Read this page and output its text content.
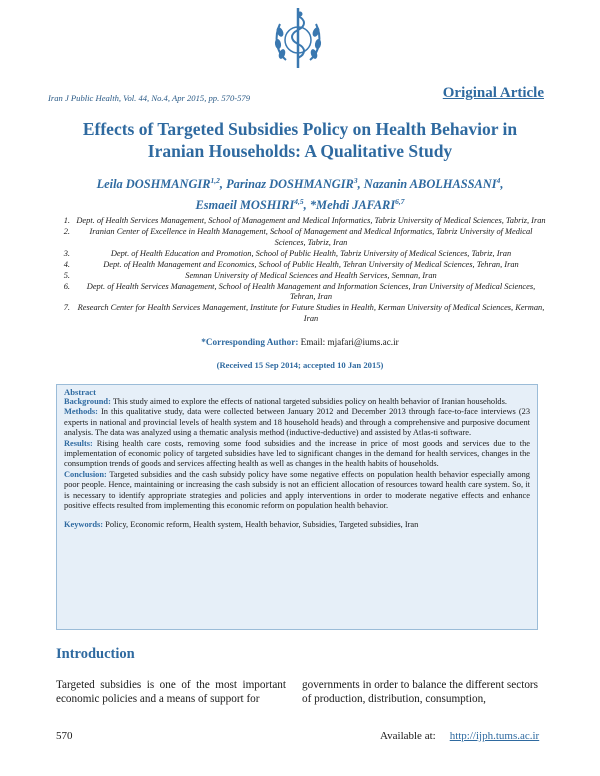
Iran J Public Health, Vol. 44, No.4, Apr 2015, pp. 570-579	Original Article
Effects of Targeted Subsidies Policy on Health Behavior in Iranian Households: A Qualitative Study
Leila DOSHMANGIR$^{1,2}$, Parinaz DOSHMANGIR$^3$, Nazanin ABOLHASSANI$^4$,
Esmaeil MOSHIRI$^{4,5}$, *Mehdi JAFARI$^{6,7}$
1. Dept. of Health Services Management, School of Management and Medical Informatics, Tabriz University of Medical Sciences, Tabriz, Iran
2.	Iranian Center of Excellence in Health Management, School of Management and Medical Informatics, Tabriz University of Medical Sciences, Tabriz, Iran
3.	Dept. of Health Education and Promotion, School of Public Health, Tabriz University of Medical Sciences, Tabriz, Iran
4.	Dept. of Health Management and Economics, School of Public Health, Tehran University of Medical Sciences, Tehran, Iran
5.	Semnan University of Medical Sciences and Health Services, Semnan, Iran
6.	Dept. of Health Services Management, School of Health Management and Information Sciences, Iran University of Medical Sciences, Tehran, Iran
7. Research Center for Health Services Management, Institute for Future Studies in Health, Kerman University of Medical Sciences, Kerman, Iran
*Corresponding Author: Email: mjafari@iums.ac.ir
(Received 15 Sep 2014; accepted 10 Jan 2015)
Abstract

Background: This study aimed to explore the effects of national targeted subsidies policy on health behavior of Iranian households.

Methods: In this qualitative study, data were collected between January 2012 and December 2013 through face-to-face interviews (23 experts in national and provincial levels of health system and 18 household heads) and through a comprehensive and purposive document analysis. The data was analyzed using a thematic analysis method (inductive-deductive) and assisted by Atlas-ti software.

Results: Rising health care costs, removing some food subsidies and the increase in price of most goods and services due to the implementation of economic policy of targeted subsidies have led to significant changes in the demand for health services, changes in the consumption trends of goods and services affecting health as well as changes in the health habits of households.

Conclusion: Targeted subsidies and the cash subsidy policy have some negative effects on population health behavior especially among poor people. Hence, maintaining or increasing the cash subsidy is not an efficient allocation of resources toward health care system. So, it is necessary to identify appropriate strategies and policies and apply interventions in order to moderate negative effects and enhance positive effects resulted from implementing this economic reform on population health behavior.

Keywords: Policy, Economic reform, Health system, Health behavior, Subsidies, Targeted subsidies, Iran
Introduction
Targeted subsidies is one of the most important economic policies and a means of support for
governments in order to balance the different sectors of production, distribution, consumption,
570	Available at: http://ijph.tums.ac.ir
